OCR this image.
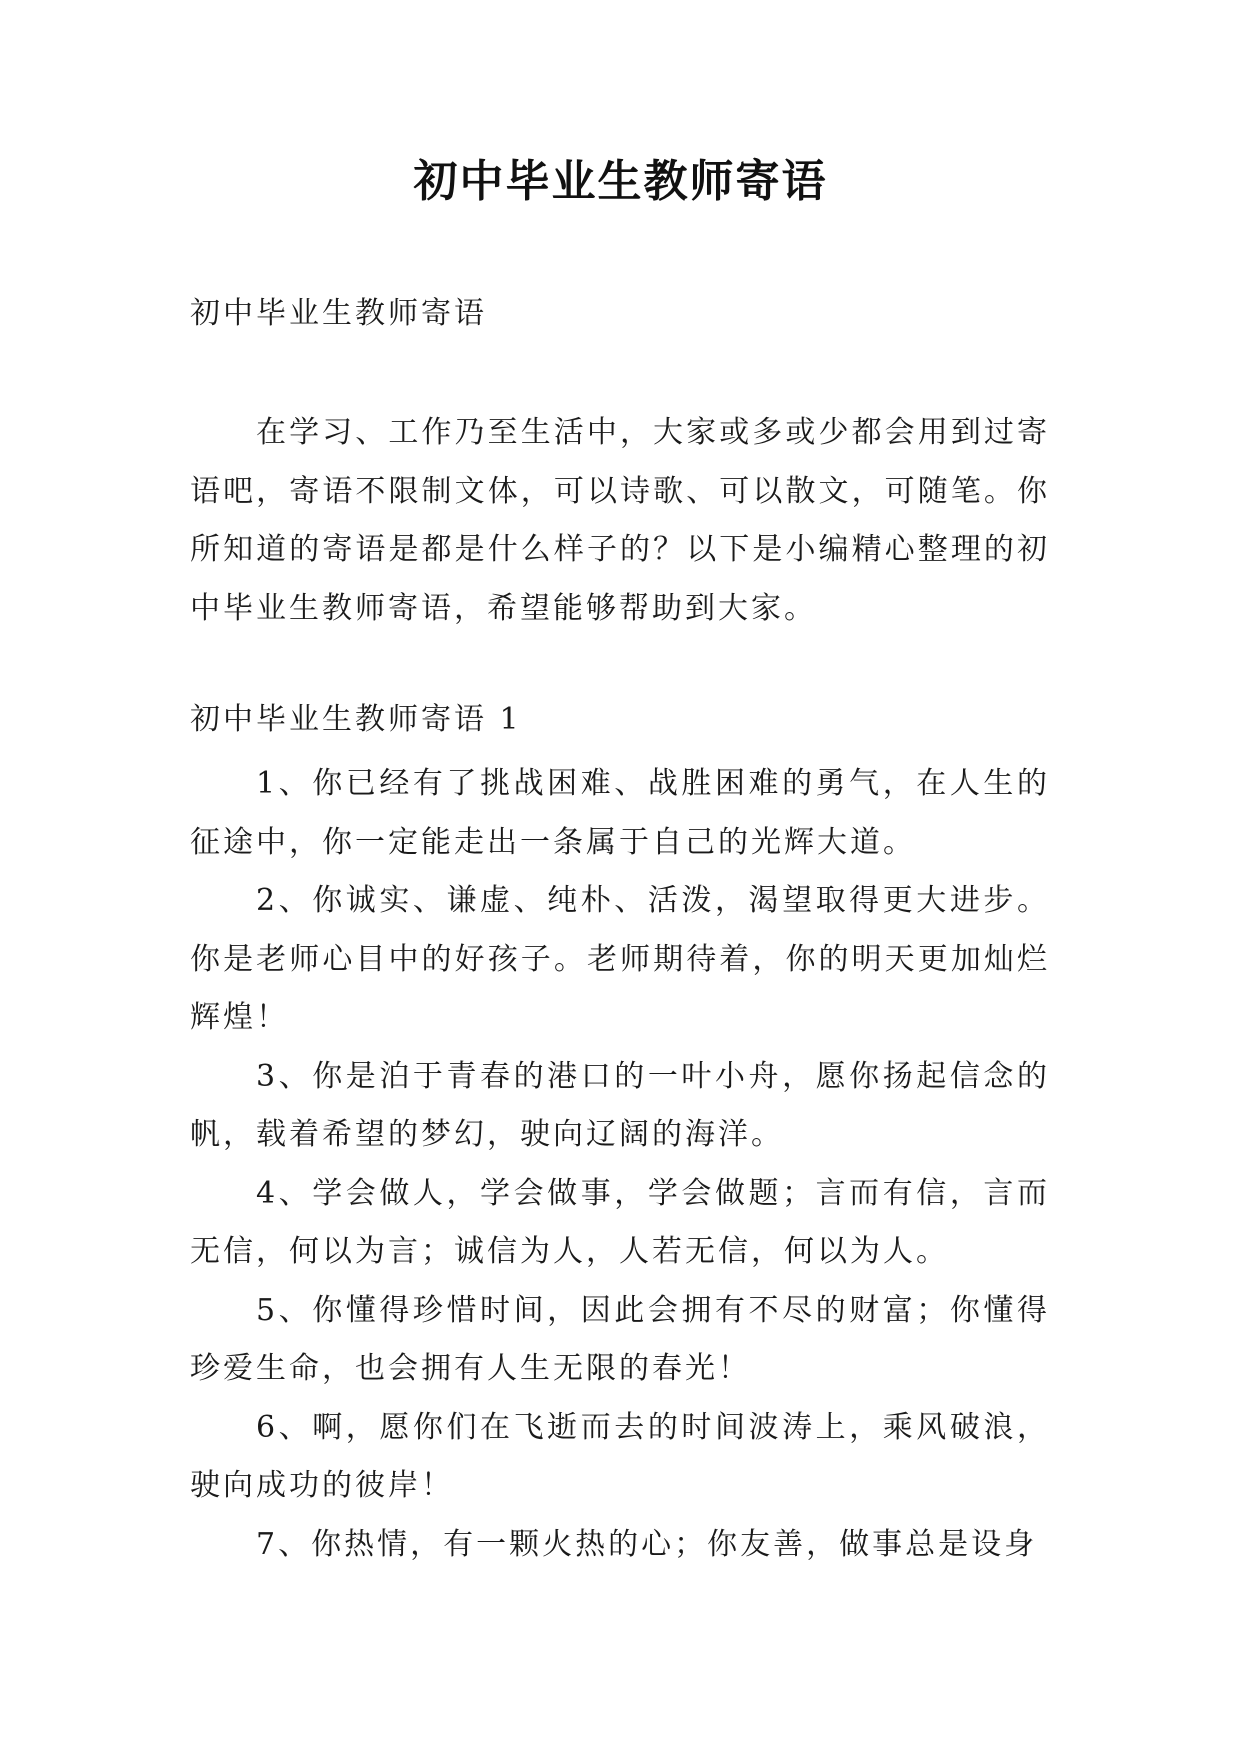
初中毕业生教师寄语
初中毕业生教师寄语

在学习、工作乃至生活中，大家或多或少都会用到过寄语吧，寄语不限制文体，可以诗歌、可以散文，可随笔。你所知道的寄语是都是什么样子的？以下是小编精心整理的初中毕业生教师寄语，希望能够帮助到大家。

初中毕业生教师寄语 1

1、你已经有了挑战困难、战胜困难的勇气，在人生的征途中，你一定能走出一条属于自己的光辉大道。

2、你诚实、谦虚、纯朴、活泼，渴望取得更大进步。你是老师心目中的好孩子。老师期待着，你的明天更加灿烂辉煌！

3、你是泊于青春的港口的一叶小舟，愿你扬起信念的帆，载着希望的梦幻，驶向辽阔的海洋。

4、学会做人，学会做事，学会做题；言而有信，言而无信，何以为言；诚信为人，人若无信，何以为人。

5、你懂得珍惜时间，因此会拥有不尽的财富；你懂得珍爱生命，也会拥有人生无限的春光！

6、啊，愿你们在飞逝而去的时间波涛上，乘风破浪，驶向成功的彼岸！

7、你热情，有一颗火热的心；你友善，做事总是设身
